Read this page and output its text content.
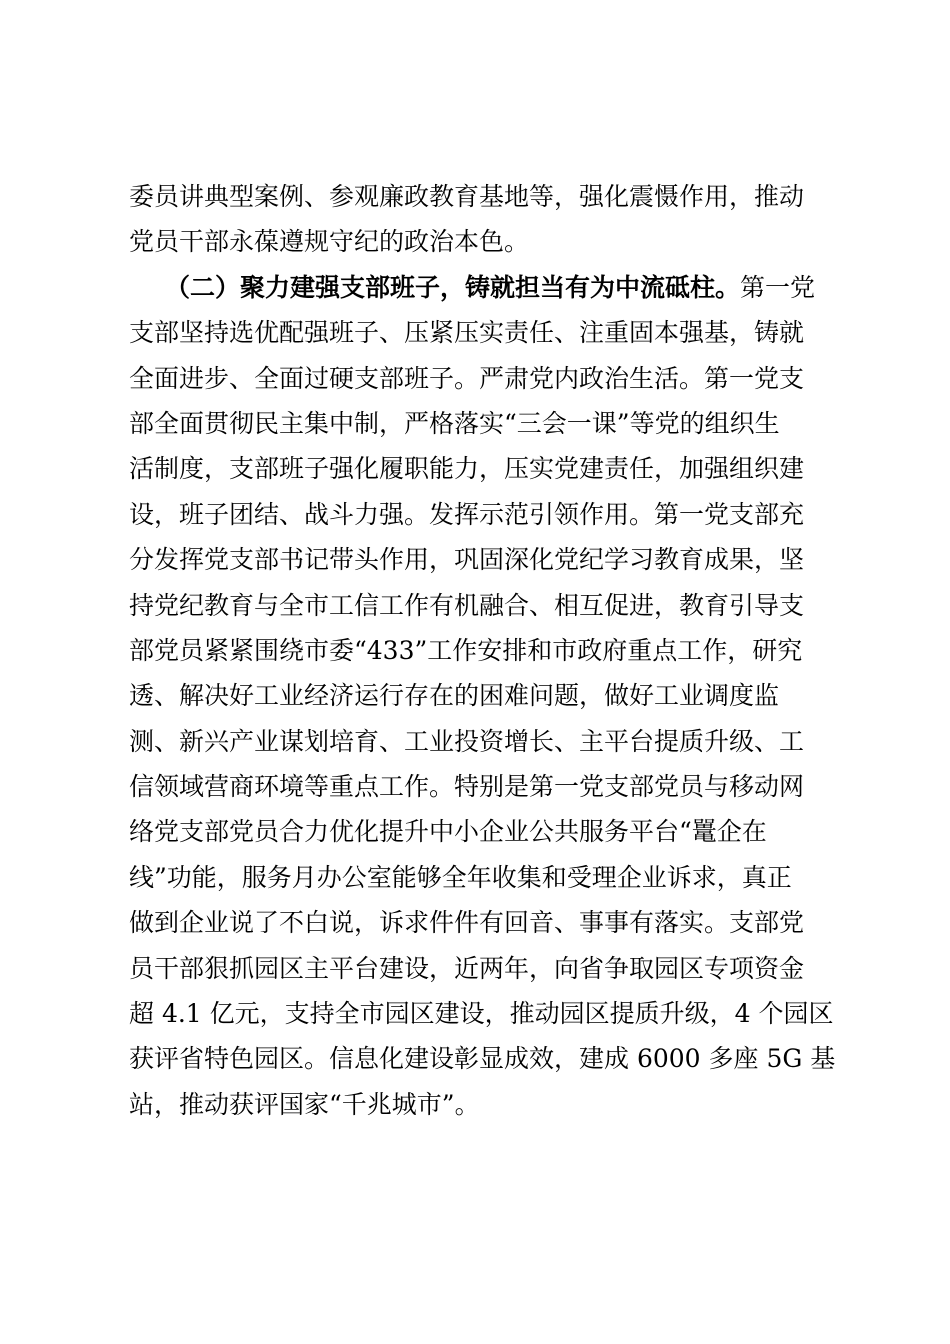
委员讲典型案例、参观廉政教育基地等，强化震慑作用，推动
党员干部永葆遵规守纪的政治本色。
（二）聚力建强支部班子，铸就担当有为中流砥柱。第一党
支部坚持选优配强班子、压紧压实责任、注重固本强基，铸就
全面进步、全面过硬支部班子。严肃党内政治生活。第一党支
部全面贯彻民主集中制，严格落实“三会一课”等党的组织生
活制度，支部班子强化履职能力，压实党建责任，加强组织建
设，班子团结、战斗力强。发挥示范引领作用。第一党支部充
分发挥党支部书记带头作用，巩固深化党纪学习教育成果，坚
持党纪教育与全市工信工作有机融合、相互促进，教育引导支
部党员紧紧围绕市委“433”工作安排和市政府重点工作，研究
透、解决好工业经济运行存在的困难问题，做好工业调度监
测、新兴产业谋划培育、工业投资增长、主平台提质升级、工
信领域营商环境等重点工作。特别是第一党支部党员与移动网
络党支部党员合力优化提升中小企业公共服务平台“鼍企在
线”功能，服务月办公室能够全年收集和受理企业诉求，真正
做到企业说了不白说，诉求件件有回音、事事有落实。支部党
员干部狠抓园区主平台建设，近两年，向省争取园区专项资金
超 4.1 亿元，支持全市园区建设，推动园区提质升级，4 个园区
获评省特色园区。信息化建设彰显成效，建成 6000 多座 5G 基
站，推动获评国家“千兆城市”。
